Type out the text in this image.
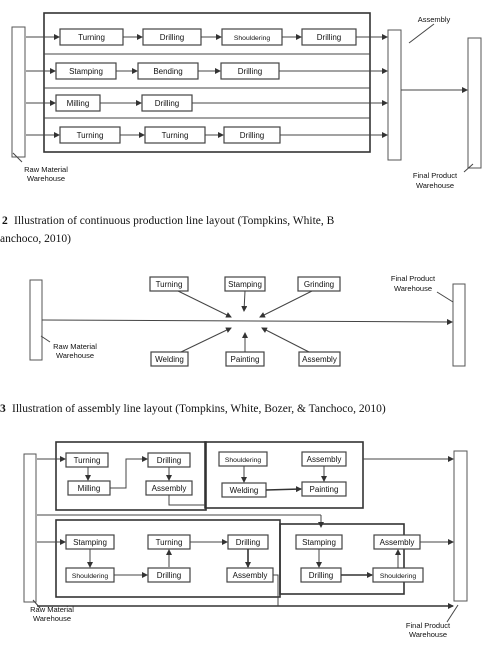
Turning	Drilling	Shouldering	Drilling
Stamping	Bending	Drilling
Milling	Drilling
Turning	Turning	Drilling
Assembly
Raw Material
Warehouse	Final Product
Warehouse
2 Illustration of continuous production line layout (Tompkins, White, B
anchoco, 2010)
Turning	Stamping	Grinding
Welding	Painting	Assembly
Raw Material
Warehouse
Final Product
Warehouse
3 Illustration of assembly line layout (Tompkins, White, Bozer, & Tanchoco, 2010)
Turning	Drilling
Milling	Assembly
Shouldering	Assembly
Welding	Painting
Stamping	Turning	Drilling
Shouldering	Drilling	Assembly
Stamping	Assembly
Drilling	Shouldering
Raw Material
Warehouse
Final Product
Warehouse
